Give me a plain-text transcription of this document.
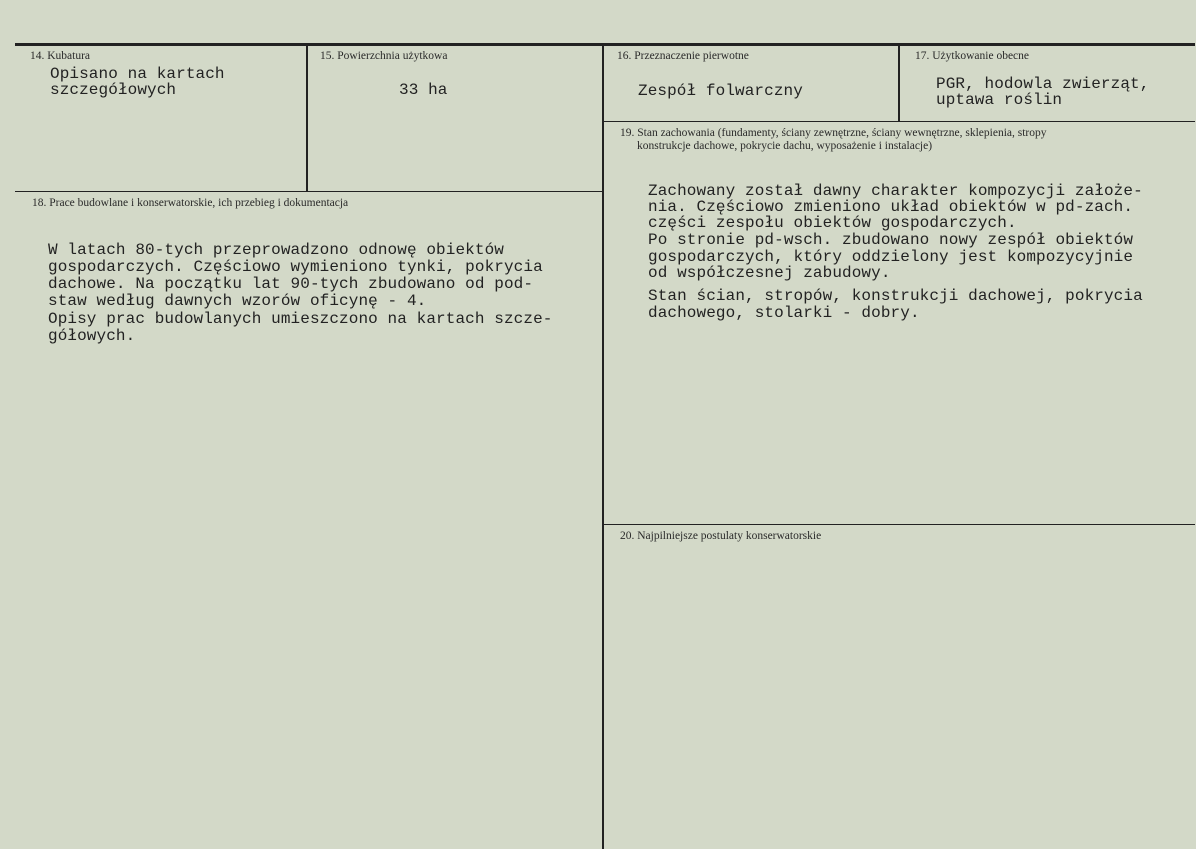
14. Kubatura
Opisano na kartach
szczegółowych
15. Powierzchnia użytkowa
33 ha
16. Przeznaczenie pierwotne
Zespół folwarczny
17. Użytkowanie obecne
PGR, hodowla zwierząt,
uptawa roślin
19. Stan zachowania (fundamenty, ściany zewnętrzne, ściany wewnętrzne, sklepienia, stropy
konstrukcje dachowe, pokrycie dachu, wyposażenie i instalacje)
Zachowany został dawny charakter kompozycji założe-
nia. Częściowo zmieniono układ obiektów w pd-zach.
części zespołu obiektów gospodarczych.
Po stronie pd-wsch. zbudowano nowy zespół obiektów
gospodarczych, który oddzielony jest kompozycyjnie
od współczesnej zabudowy.
Stan ścian, stropów, konstrukcji dachowej, pokrycia
dachowego, stolarki - dobry.
18. Prace budowlane i konserwatorskie, ich przebieg i dokumentacja
W latach 80-tych przeprowadzono odnowę obiektów
gospodarczych. Częściowo wymieniono tynki, pokrycia
dachowe. Na początku lat 90-tych zbudowano od pod-
staw według dawnych wzorów oficynę - 4.
Opisy prac budowlanych umieszczono na kartach szcze-
gółowych.
20. Najpilniejsze postulaty konserwatorskie
